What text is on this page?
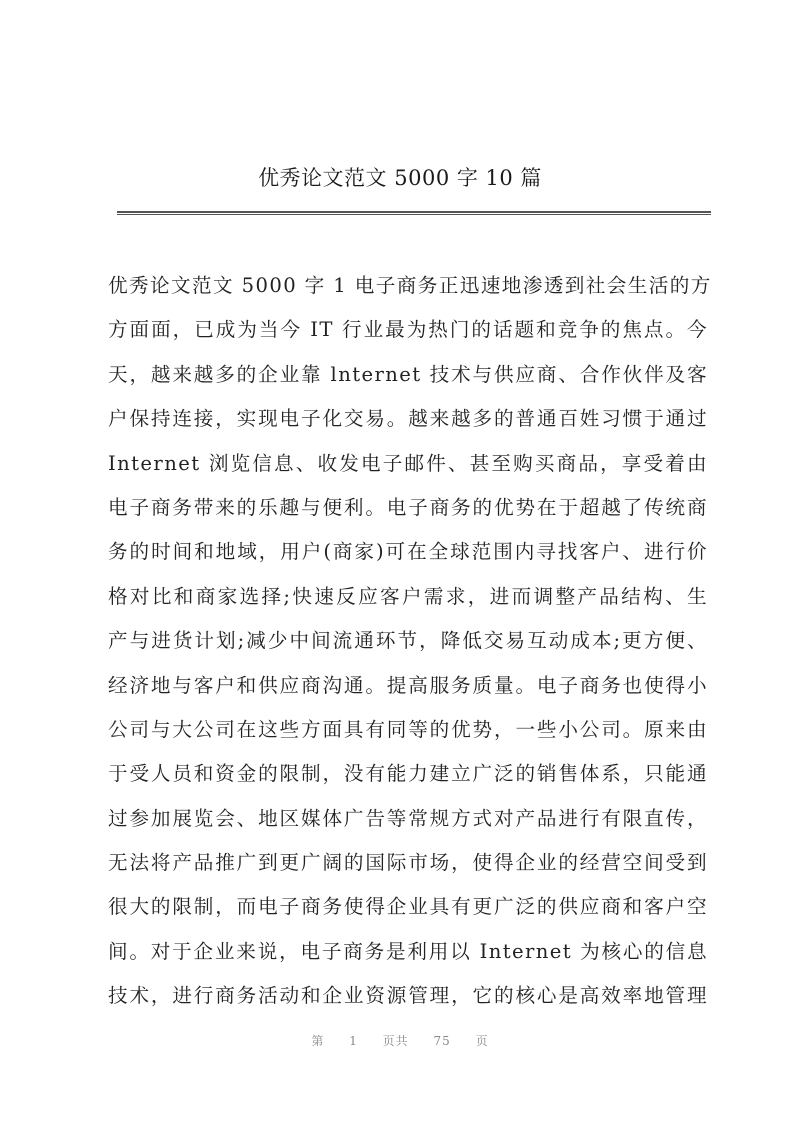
优秀论文范文 5000 字 10 篇
优秀论文范文 5000 字 1 电子商务正迅速地渗透到社会生活的方
方面面，已成为当今 IT 行业最为热门的话题和竞争的焦点。今
天，越来越多的企业靠 lnternet 技术与供应商、合作伙伴及客
户保持连接，实现电子化交易。越来越多的普通百姓习惯于通过
Internet 浏览信息、收发电子邮件、甚至购买商品，享受着由
电子商务带来的乐趣与便利。电子商务的优势在于超越了传统商
务的时间和地域，用户(商家)可在全球范围内寻找客户、进行价
格对比和商家选择;快速反应客户需求，进而调整产品结构、生
产与进货计划;减少中间流通环节，降低交易互动成本;更方便、
经济地与客户和供应商沟通。提高服务质量。电子商务也使得小
公司与大公司在这些方面具有同等的优势，一些小公司。原来由
于受人员和资金的限制，没有能力建立广泛的销售体系，只能通
过参加展览会、地区媒体广告等常规方式对产品进行有限直传，
无法将产品推广到更广阔的国际市场，使得企业的经营空间受到
很大的限制，而电子商务使得企业具有更广泛的供应商和客户空
间。对于企业来说，电子商务是利用以 Internet 为核心的信息
技术，进行商务活动和企业资源管理，它的核心是高效率地管理
第 1 页共 75 页
